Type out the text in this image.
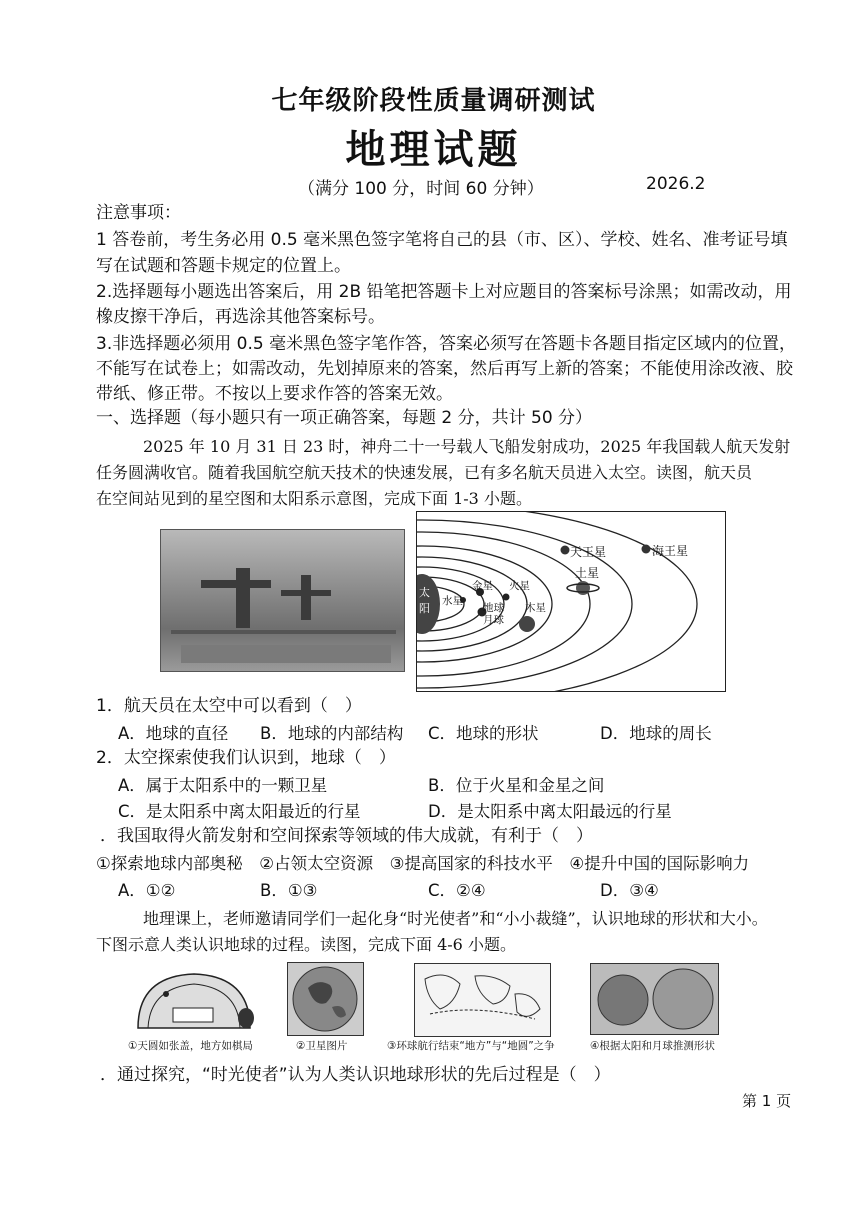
七年级阶段性质量调研测试
地理试题
（满分 100 分，时间 60 分钟）	2026.2
注意事项：
1 答卷前，考生务必用 0.5 毫米黑色签字笔将自己的县（市、区）、学校、姓名、准考证号填
写在试题和答题卡规定的位置上。
2.选择题每小题选出答案后，用 2B 铅笔把答题卡上对应题目的答案标号涂黑；如需改动，用
橡皮擦干净后，再选涂其他答案标号。
3.非选择题必须用 0.5 毫米黑色签字笔作答，答案必须写在答题卡各题目指定区域内的位置，
不能写在试卷上；如需改动，先划掉原来的答案，然后再写上新的答案；不能使用涂改液、胶
带纸、修正带。不按以上要求作答的答案无效。
一、选择题（每小题只有一项正确答案，每题 2 分，共计 50 分）
2025 年 10 月 31 日 23 时，神舟二十一号载人飞船发射成功，2025 年我国载人航天发射
任务圆满收官。随着我国航空航天技术的快速发展，已有多名航天员进入太空。读图，航天员
在空间站见到的星空图和太阳系示意图，完成下面 1-3 小题。
太阳
水星
金星
地球
月球
火星
木星
土星
天王星	海王星
1．航天员在太空中可以看到（　）
A．地球的直径 B．地球的内部结构 C．地球的形状	D．地球的周长
2．太空探索使我们认识到，地球（　）
A．属于太阳系中的一颗卫星	B．位于火星和金星之间
C．是太阳系中离太阳最近的行星	D．是太阳系中离太阳最远的行星
．我国取得火箭发射和空间探索等领域的伟大成就，有利于（　）
①探索地球内部奥秘　②占领太空资源　③提高国家的科技水平　④提升中国的国际影响力
A．①②	B．①③	C．②④	D．③④
地理课上，老师邀请同学们一起化身“时光使者”和“小小裁缝”，认识地球的形状和大小。
下图示意人类认识地球的过程。读图，完成下面 4-6 小题。
①天圆如张盖，地方如棋局	②卫星图片	③环球航行结束“地方”与“地圆”之争	④根据太阳和月球推测形状
．通过探究，“时光使者”认为人类认识地球形状的先后过程是（　）
第 1 页
